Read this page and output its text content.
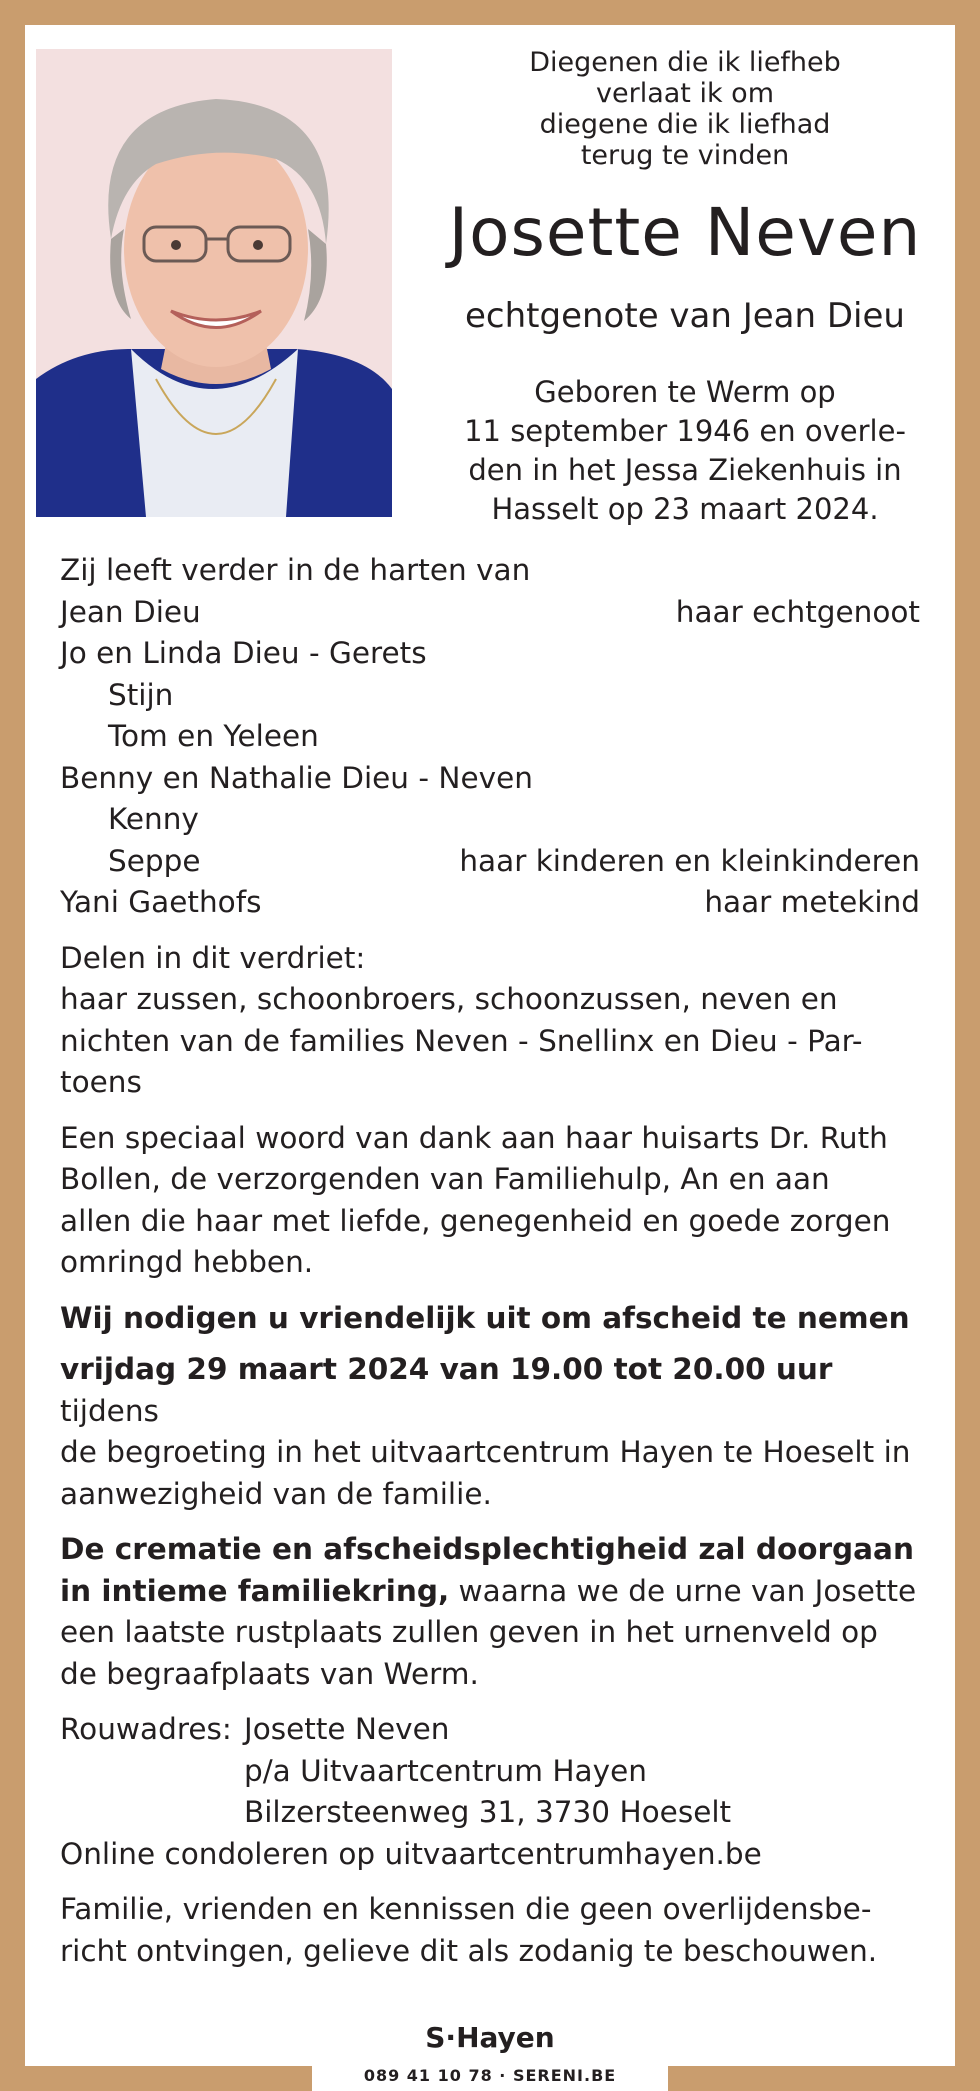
Diegenen die ik liefheb
verlaat ik om
diegene die ik liefhad
terug te vinden
Josette Neven
echtgenote van Jean Dieu
Geboren te Werm op
11 september 1946 en overle-
den in het Jessa Ziekenhuis in
Hasselt op 23 maart 2024.
Zij leeft verder in de harten van
Jean Dieu	haar echtgenoot
Jo en Linda Dieu - Gerets
Stijn
Tom en Yeleen
Benny en Nathalie Dieu - Neven
Kenny
Seppe	haar kinderen en kleinkinderen
Yani Gaethofs	haar metekind
Delen in dit verdriet:
haar zussen, schoonbroers, schoonzussen, neven en
nichten van de families Neven - Snellinx en Dieu - Par-
toens
Een speciaal woord van dank aan haar huisarts Dr. Ruth
Bollen, de verzorgenden van Familiehulp, An en aan
allen die haar met liefde, genegenheid en goede zorgen
omringd hebben.
Wij nodigen u vriendelijk uit om afscheid te nemen
vrijdag 29 maart 2024 van 19.00 tot 20.00 uur tijdens
de begroeting in het uitvaartcentrum Hayen te Hoeselt in
aanwezigheid van de familie.
De crematie en afscheidsplechtigheid zal doorgaan
in intieme familiekring, waarna we de urne van Josette
een laatste rustplaats zullen geven in het urnenveld op
de begraafplaats van Werm.
Rouwadres: Josette Neven
p/a Uitvaartcentrum Hayen
Bilzersteenweg 31, 3730 Hoeselt
Online condoleren op uitvaartcentrumhayen.be
Familie, vrienden en kennissen die geen overlijdensbe-
richt ontvingen, gelieve dit als zodanig te beschouwen.
S·Hayen
089 41 10 78 · SERENI.BE
